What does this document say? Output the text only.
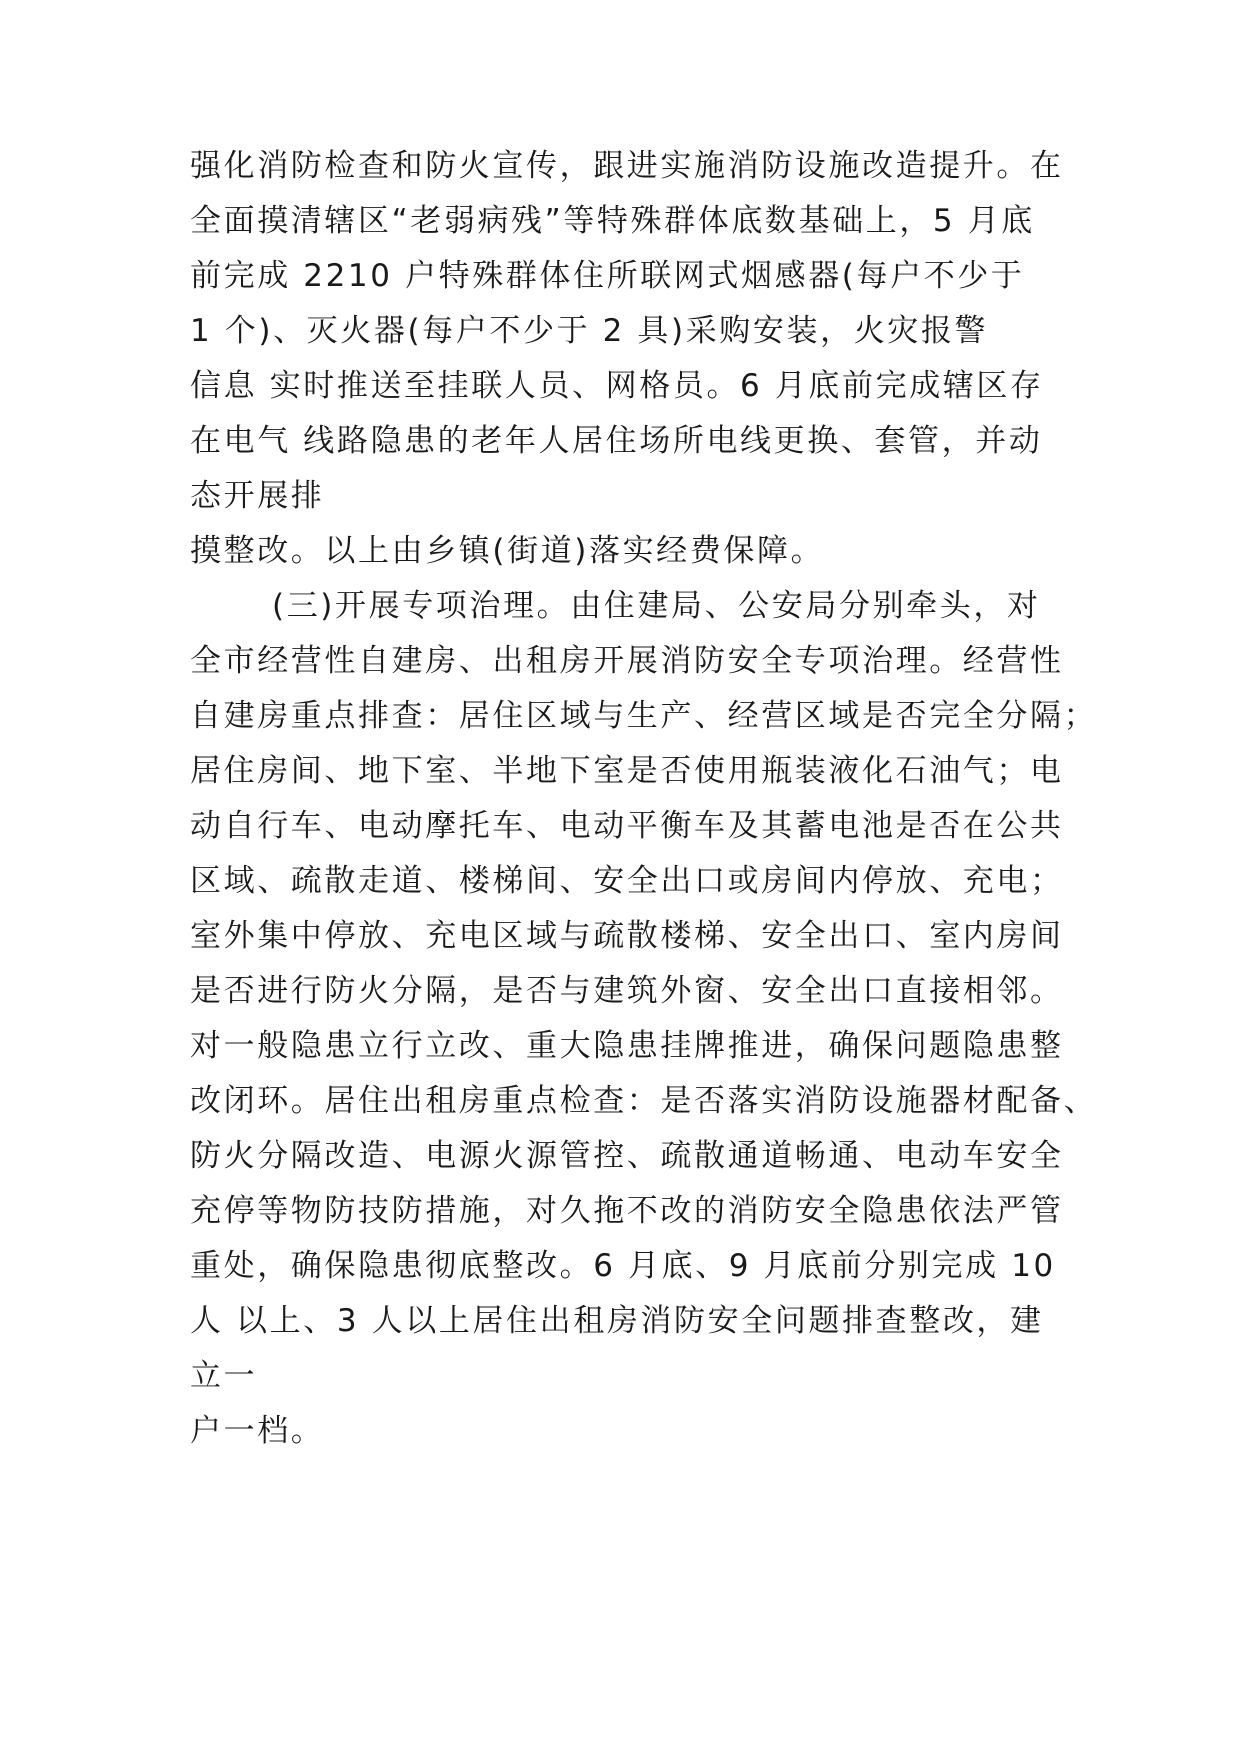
强化消防检查和防火宣传，跟进实施消防设施改造提升。在
全面摸清辖区“老弱病残”等特殊群体底数基础上，5 月底
前完成 2210 户特殊群体住所联网式烟感器(每户不少于
1 个)、灭火器(每户不少于 2 具)采购安装，火灾报警
信息 实时推送至挂联人员、网格员。6 月底前完成辖区存
在电气 线路隐患的老年人居住场所电线更换、套管，并动
态开展排
摸整改。以上由乡镇(街道)落实经费保障。
(三)开展专项治理。由住建局、公安局分别牵头，对
全市经营性自建房、出租房开展消防安全专项治理。经营性
自建房重点排查：居住区域与生产、经营区域是否完全分隔；
居住房间、地下室、半地下室是否使用瓶装液化石油气；电
动自行车、电动摩托车、电动平衡车及其蓄电池是否在公共
区域、疏散走道、楼梯间、安全出口或房间内停放、充电；
室外集中停放、充电区域与疏散楼梯、安全出口、室内房间
是否进行防火分隔，是否与建筑外窗、安全出口直接相邻。
对一般隐患立行立改、重大隐患挂牌推进，确保问题隐患整
改闭环。居住出租房重点检查：是否落实消防设施器材配备、
防火分隔改造、电源火源管控、疏散通道畅通、电动车安全
充停等物防技防措施，对久拖不改的消防安全隐患依法严管
重处，确保隐患彻底整改。6 月底、9 月底前分别完成 10
人 以上、3 人以上居住出租房消防安全问题排查整改，建
立一
户一档。
